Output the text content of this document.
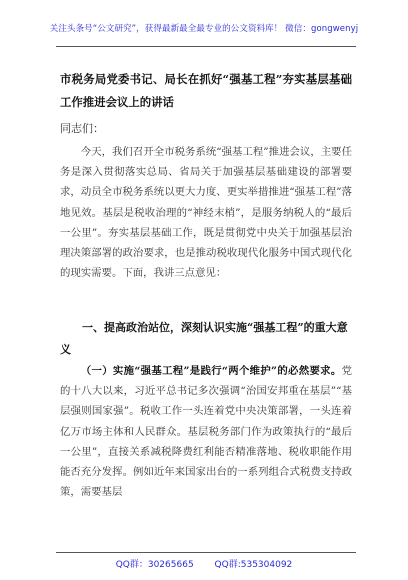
关注头条号“公文研究”，获得最新最全最专业的公文资料库！ 微信：gongwenyj
市税务局党委书记、局长在抓好“强基工程”夯实基层基础工作推进会议上的讲话
同志们：

今天，我们召开全市税务系统“强基工程”推进会议，主要任务是深入贯彻落实总局、省局关于加强基层基础建设的部署要求，动员全市税务系统以更大力度、更实举措推进“强基工程”落地见效。基层是税收治理的“神经末梢”，是服务纳税人的“最后一公里”。夯实基层基础工作，既是贯彻党中央关于加强基层治理决策部署的政治要求，也是推动税收现代化服务中国式现代化的现实需要。下面，我讲三点意见：

一、提高政治站位，深刻认识实施“强基工程”的重大意义

（一）实施“强基工程”是践行“两个维护”的必然要求。党的十八大以来，习近平总书记多次强调“治国安邦重在基层”“基层强则国家强”。税收工作一头连着党中央决策部署，一头连着亿万市场主体和人民群众。基层税务部门作为政策执行的“最后一公里”，直接关系减税降费红利能否精准落地、税收职能作用能否充分发挥。例如近年来国家出台的一系列组合式税费支持政策，需要基层

QQ群：30265665 QQ群:535304092
